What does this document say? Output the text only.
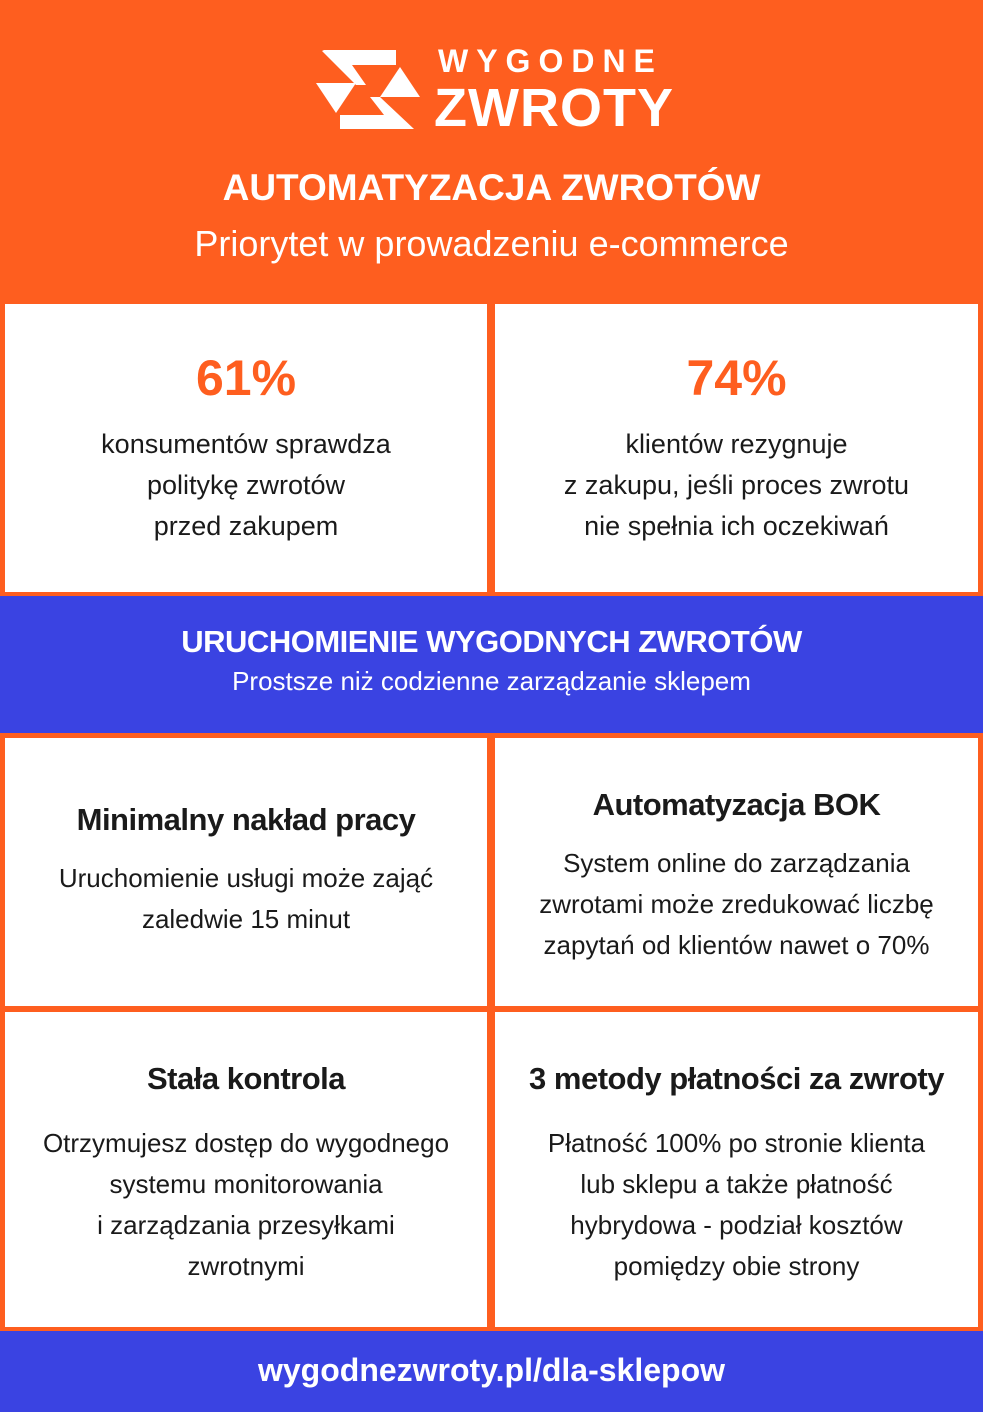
WYGODNE
ZWROTY
AUTOMATYZACJA ZWROTÓW
Priorytet w prowadzeniu e-commerce
61%
konsumentów sprawdza
politykę zwrotów
przed zakupem
74%
klientów rezygnuje
z zakupu, jeśli proces zwrotu
nie spełnia ich oczekiwań
URUCHOMIENIE WYGODNYCH ZWROTÓW
Prostsze niż codzienne zarządzanie sklepem
Minimalny nakład pracy
Uruchomienie usługi może zająć
zaledwie 15 minut
Automatyzacja BOK
System online do zarządzania
zwrotami może zredukować liczbę
zapytań od klientów nawet o 70%
Stała kontrola
Otrzymujesz dostęp do wygodnego
systemu monitorowania
i zarządzania przesyłkami
zwrotnymi
3 metody płatności za zwroty
Płatność 100% po stronie klienta
lub sklepu a także płatność
hybrydowa - podział kosztów
pomiędzy obie strony
wygodnezwroty.pl/dla-sklepow
